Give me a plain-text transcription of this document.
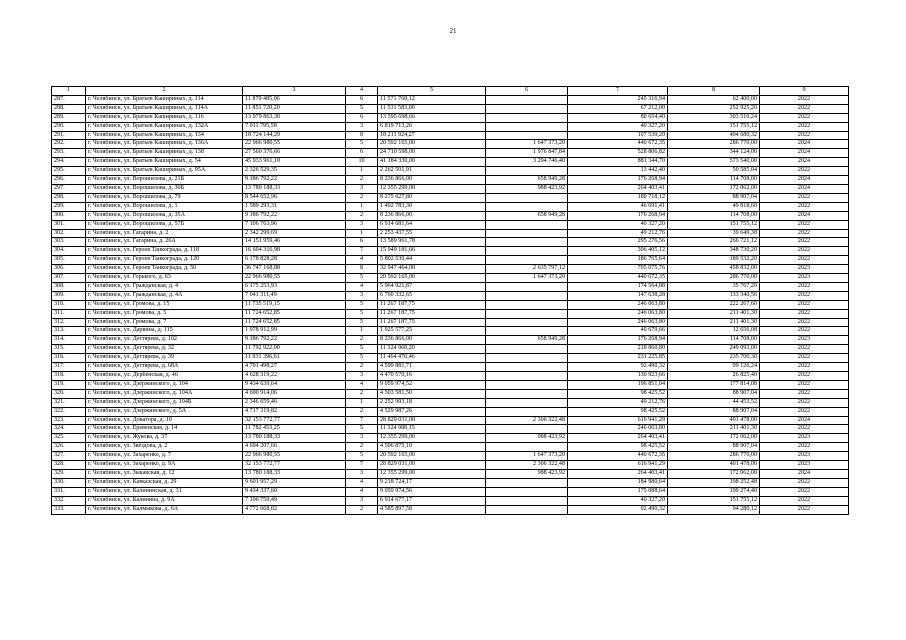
21
1	2	3	4	5	6	7	8	9
287.	г. Челябинск, ул. Братьев Кашириных, д. 114	11 879 485,06	6	11 571 768,12		245 316,94	62 400,00	2022
288.	г. Челябинск, ул. Братьев Кашириных, д. 114А	11 851 720,20	5	11 531 583,00		67 212,00	252 925,20	2022
289.	г. Челябинск, ул. Братьев Кашириных, д. 116	13 979 863,30	6	13 595 698,66		80 654,40	303 510,24	2022
290.	г. Челябинск, ул. Братьев Кашириных, д. 132А	7 011 795,58	3	6 819 713,26		40 327,20	151 755,12	2022
291.	г. Челябинск, ул. Братьев Кашириных, д. 134	18 724 144,29	8	18 211 924,27		107 539,20	404 680,32	2022
292.	г. Челябинск, ул. Братьев Кашириных, д. 136А	22 966 980,55	5	20 592 165,00	1 647 373,20	440 672,35	286 770,00	2024
293.	г. Челябинск, ул. Братьев Кашириных, д. 138	27 560 376,66	6	24 710 598,00	1 976 847,84	528 806,82	344 124,00	2024
294.	г. Челябинск, ул. Братьев Кашириных, д. 54	45 933 961,10	10	41 184 330,00	3 294 746,40	881 344,70	573 540,00	2024
295.	г. Челябинск, ул. Братьев Кашириных, д. 95А	2 326 529,35	1	2 262 501,91		13 442,40	50 585,04	2022
296.	г. Челябинск, ул. Ворошилова, д. 21Б	9 186 792,22	2	8 236 866,00	658 949,28	176 268,94	114 708,00	2024
297.	г. Челябинск, ул. Ворошилова, д. 36Б	13 780 188,33	3	12 355 299,00	988 423,92	264 403,41	172 062,00	2024
298.	г. Челябинск, ул. Ворошилова, д. 79	8 544 652,96	2	8 275 027,80		180 718,12	88 907,04	2022
299.	г. Челябинск, ул. Ворошилова, д. 1	1 589 293,31	1	1 492 783,30		46 691,41	49 818,60	2022
300.	г. Челябинск, ул. Ворошилова, д. 35А	9 186 792,22	2	8 236 866,00	658 949,28	176 268,94	114 708,00	2024
301.	г. Челябинск, ул. Ворошилова, д. 57Б	7 106 763,96	3	6 914 681,64		40 327,20	151 755,12	2022
302.	г. Челябинск, ул. Гагарина, д. 2	2 342 299,69	1	2 253 437,55		49 212,76	39 649,38	2022
303.	г. Челябинск, ул. Гагарина, д. 26А	14 151 959,46	6	13 589 961,78		295 276,56	266 721,12	2022
304.	г. Челябинск, ул. Героев Танкограда, д. 118	16 604 316,98	7	15 949 181,66		306 405,12	348 730,20	2022
305.	г. Челябинск, ул. Героев Танкограда, д. 120	6 178 828,28	4	5 802 530,44		186 765,64	189 532,20	2022
306.	г. Челябинск, ул. Героев Танкограда, д. 50	36 747 168,88	8	32 947 464,00	2 635 797,12	705 075,76	458 832,00	2023
307.	г. Челябинск, ул. Горького, д. 63	22 966 980,55	5	20 592 165,00	1 647 373,20	440 672,35	286 770,00	2023
308.	г. Челябинск, ул. Гражданская, д. 4	6 175 253,93	4	5 964 921,87		174 564,88	35 767,20	2022
309.	г. Челябинск, ул. Гражданская, д. 4А	7 041 311,49	3	6 760 332,65		147 638,28	133 340,56	2022
310.	г. Челябинск, ул. Громова, д. 15	11 735 519,15	5	11 267 187,75		246 063,80	222 267,60	2022
311.	г. Челябинск, ул. Громова, д. 5	11 724 652,85	5	11 267 187,75		246 063,80	211 401,30	2022
312.	г. Челябинск, ул. Громова, д. 7	11 724 652,85	5	11 267 187,75		246 063,80	211 401,30	2022
313.	г. Челябинск, ул. Дарвина, д. 115	1 978 912,99	1	1 925 577,25		40 679,66	12 656,08	2022
314.	г. Челябинск, ул. Дегтярева, д. 102	9 186 792,22	2	8 236 866,00	658 949,28	176 268,94	114 708,00	2023
315.	г. Челябинск, ул. Дегтярева, д. 32	11 792 922,00	5	11 324 968,20		218 860,80	249 093,00	2022
316.	г. Челябинск, ул. Дегтярева, д. 39	11 931 396,61	5	11 464 470,46		231 225,85	235 700,30	2022
317.	г. Челябинск, ул. Дегтярева, д. 68А	4 791 498,27	2	4 599 881,71		92 490,32	99 126,24	2022
318.	г. Челябинск, ул. Дербенская, д. 46	4 628 319,22	3	4 470 570,16		130 923,66	26 825,40	2022
319.	г. Челябинск, ул. Дзержинского, д. 104	9 434 639,64	4	9 059 974,52		196 851,04	177 814,08	2022
320.	г. Челябинск, ул. Дзержинского, д. 104А	4 690 914,06	2	4 503 581,50		98 425,52	88 907,04	2022
321.	г. Челябинск, ул. Дзержинского, д. 104Б	2 346 659,46	1	2 252 993,18		49 212,76	44 453,52	2022
322.	г. Челябинск, ул. Дзержинского, д. 5А	4 717 319,82	2	4 529 987,26		98 425,52	88 907,04	2022
323.	г. Челябинск, ул. Доватора, д. 10	32 153 772,77	7	28 829 031,00	2 306 322,48	616 941,29	401 478,00	2024
324.	г. Челябинск, ул. Еревенская, д. 14	11 782 453,25	5	11 324 988,15		246 063,80	211 401,30	2022
325.	г. Челябинск, ул. Жукова, д. 37	13 780 188,33	3	12 355 299,00	988 423,92	264 403,41	172 062,00	2023
326.	г. Челябинск, ул. Звёздова, д. 2	4 694 207,66	2	4 506 875,10		98 425,52	88 907,04	2022
327.	г. Челябинск, ул. Захаренко, д. 7	22 966 980,55	5	20 592 165,00	1 647 373,20	440 672,35	286 770,00	2023
328.	г. Челябинск, ул. Захаренко, д. 9А	32 153 772,77	7	28 829 031,00	2 306 322,48	616 941,29	401 478,00	2023
329.	г. Челябинск, ул. Зыкавская, д. 12	13 780 188,33	3	12 355 299,00	988 423,92	264 403,41	172 062,00	2024
330.	г. Челябинск, ул. Кавказская, д. 29	9 601 957,29	4	9 218 724,17		184 980,64	198 252,48	2022
331.	г. Челябинск, ул. Калининская, д. 31	9 434 337,60	4	9 059 974,56		175 088,64	199 274,40	2022
332.	г. Челябинск, ул. Калинина, д. 9А	7 106 759,49	3	6 914 677,17		40 327,20	151 755,12	2022
333.	г. Челябинск, ул. Калмыкова, д. 6А	4 772 668,02	2	4 585 897,58		92 490,32	94 280,12	2022
